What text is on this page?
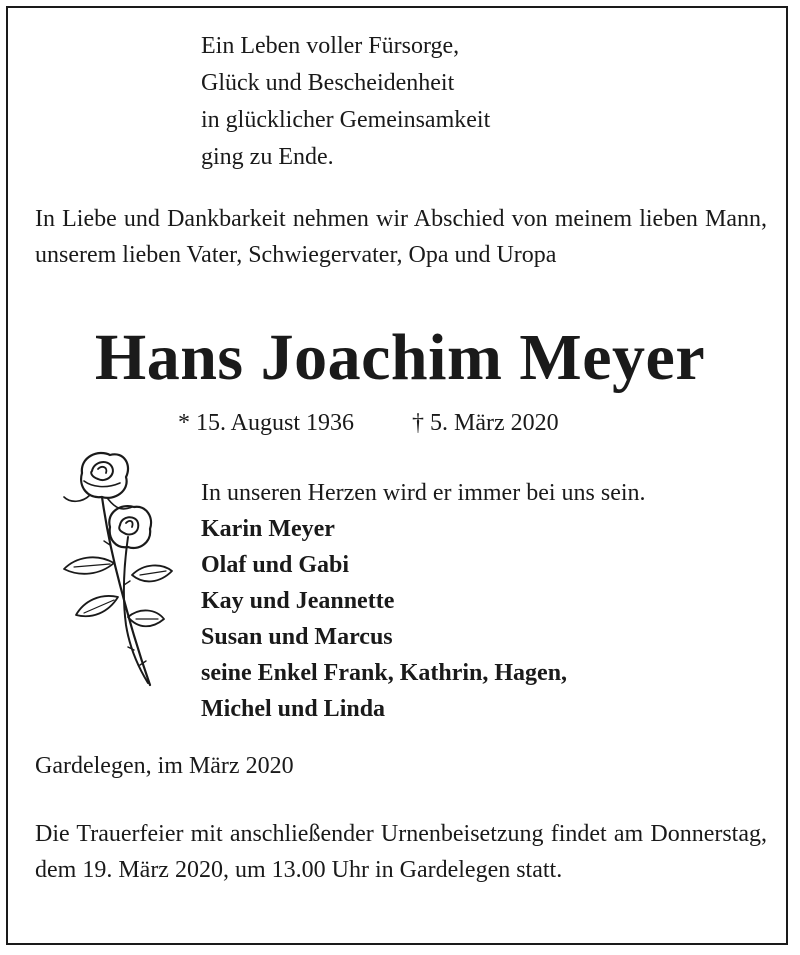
Ein Leben voller Fürsorge,
Glück und Bescheidenheit
in glücklicher Gemeinsamkeit
ging zu Ende.
In Liebe und Dankbarkeit nehmen wir Abschied von meinem lieben Mann, unserem lieben Vater, Schwiegervater, Opa und Uropa
Hans Joachim Meyer
* 15. August 1936 † 5. März 2020
In unseren Herzen wird er immer bei uns sein.
Karin Meyer
Olaf und Gabi
Kay und Jeannette
Susan und Marcus
seine Enkel Frank, Kathrin, Hagen,
Michel und Linda
Gardelegen, im März 2020
Die Trauerfeier mit anschließender Urnenbeisetzung findet am Donnerstag, dem 19. März 2020, um 13.00 Uhr in Gardelegen statt.
